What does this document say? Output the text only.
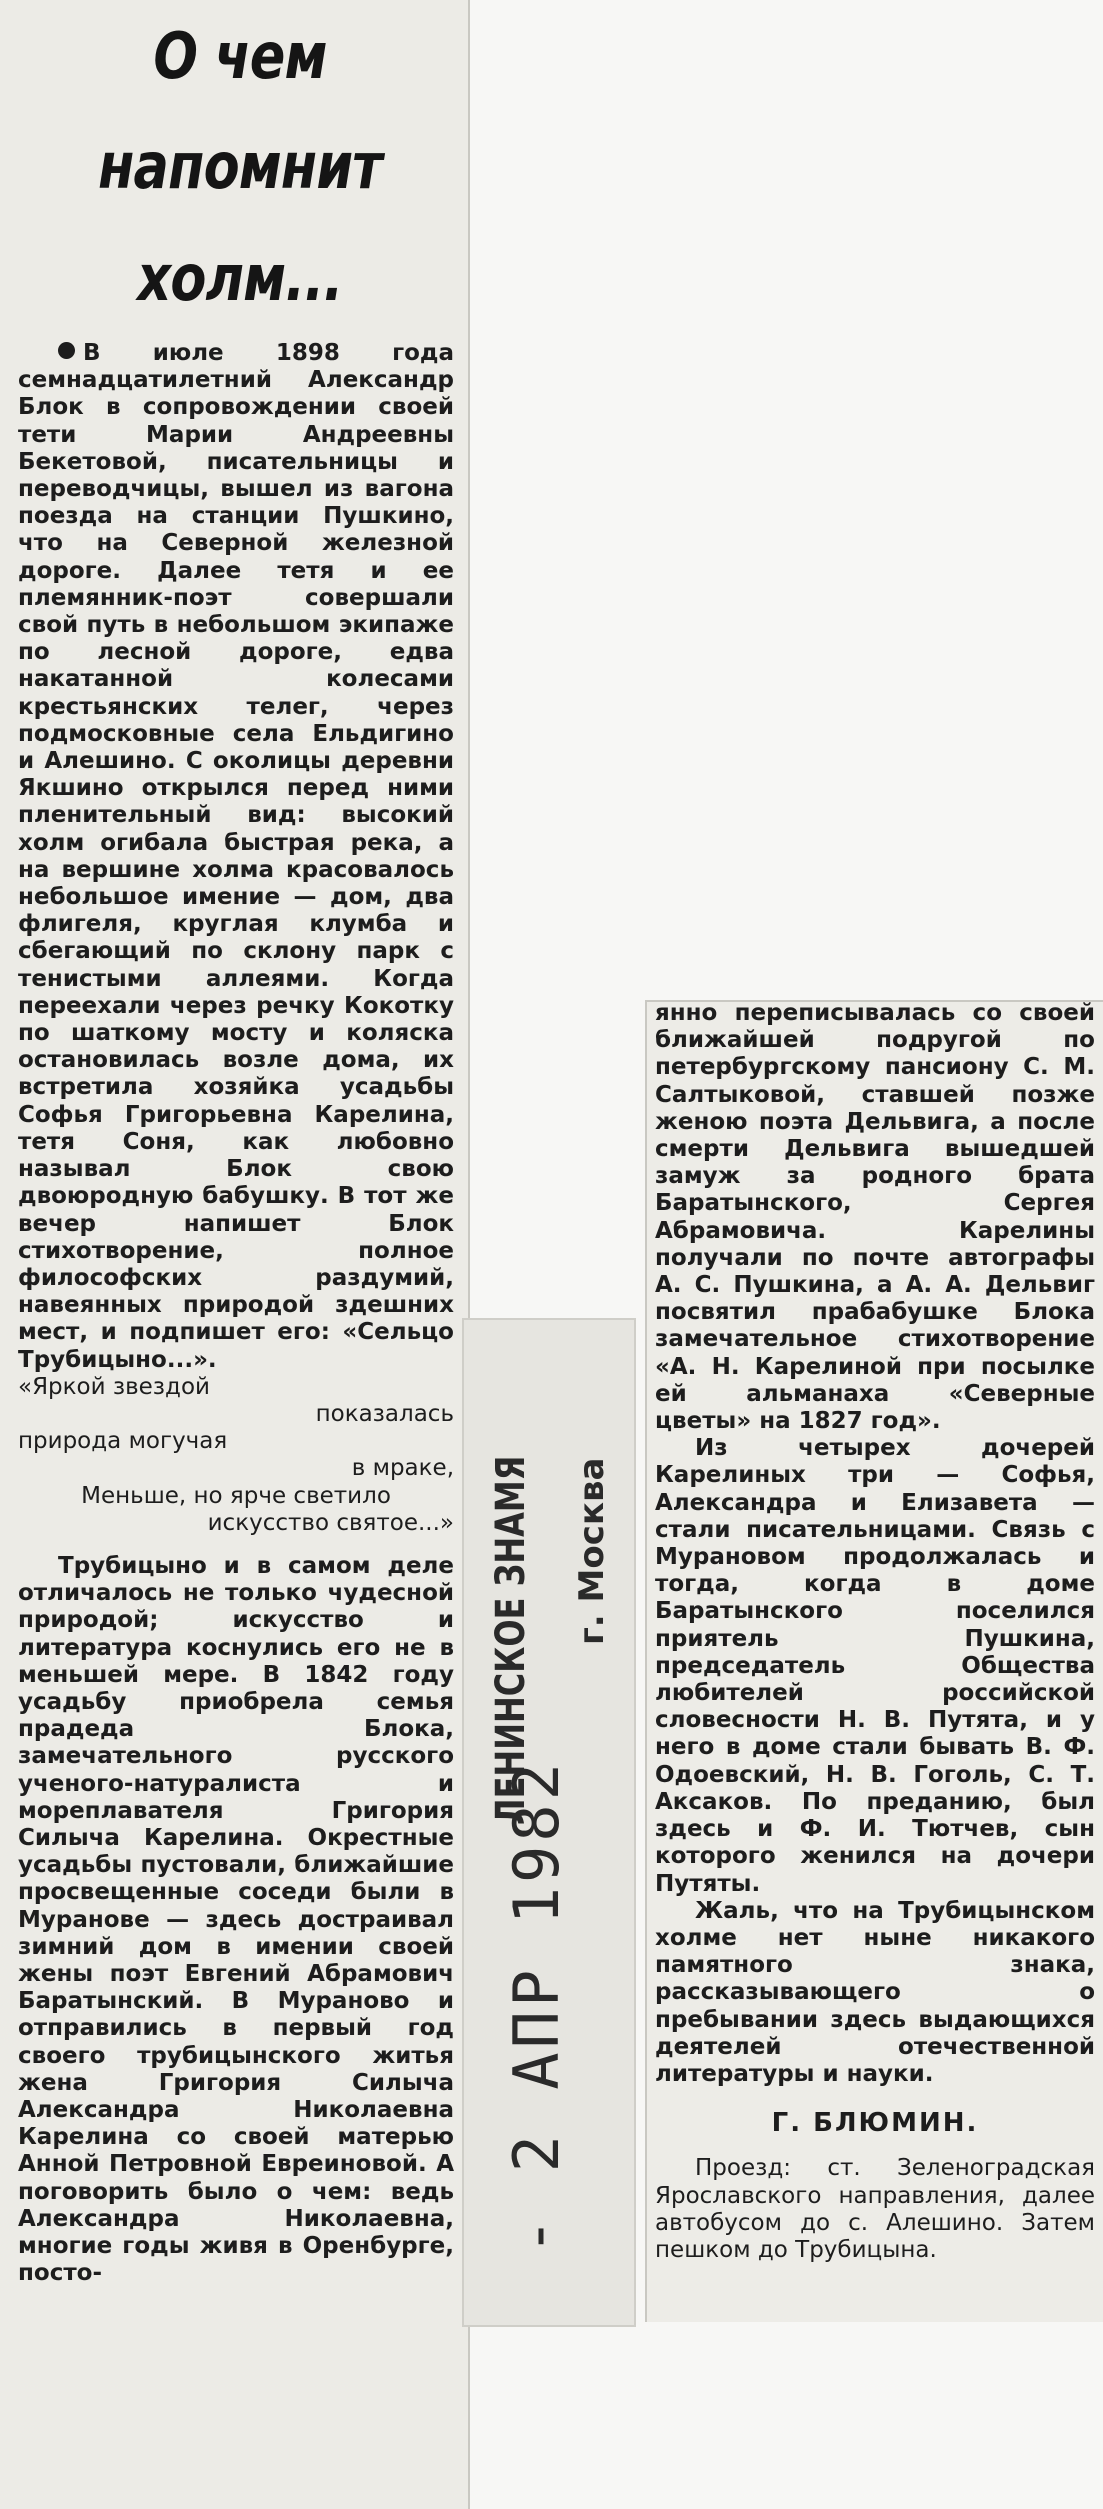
О чем
напомнит
холм...

В июле 1898 года семнадцатилетний Александр Блок в сопровождении своей тети Марии Андреевны Бекетовой, писательницы и переводчицы, вышел из вагона поезда на станции Пушкино, что на Северной железной дороге. Далее тетя и ее племянник-поэт совершали свой путь в небольшом экипаже по лесной дороге, едва накатанной колесами крестьянских телег, через подмосковные села Ельдигино и Алешино. С околицы деревни Якшино открылся перед ними пленительный вид: высокий холм огибала быстрая река, а на вершине холма красовалось небольшое имение — дом, два флигеля, круглая клумба и сбегающий по склону парк с тенистыми аллеями. Когда переехали через речку Кокотку по шаткому мосту и коляска остановилась возле дома, их встретила хозяйка усадьбы Софья Григорьевна Карелина, тетя Соня, как любовно называл Блок свою двоюродную бабушку. В тот же вечер напишет Блок стихотворение, полное философских раздумий, навеянных природой здешних мест, и подпишет его: «Сельцо Трубицыно...».

«Яркой звездой
показалась
природа могучая
в мраке,
Меньше, но ярче светило
искусство святое...»

Трубицыно и в самом деле отличалось не только чудесной природой; искусство и литература коснулись его не в меньшей мере. В 1842 году усадьбу приобрела семья прадеда Блока, замечательного русского ученого-натуралиста и мореплавателя Григория Силыча Карелина. Окрестные усадьбы пустовали, ближайшие просвещенные соседи были в Муранове — здесь достраивал зимний дом в имении своей жены поэт Евгений Абрамович Баратынский. В Мураново и отправились в первый год своего трубицынского житья жена Григория Силыча Александра Николаевна Карелина со своей матерью Анной Петровной Евреиновой. А поговорить было о чем: ведь Александра Николаевна, многие годы живя в Оренбурге, посто-

янно переписывалась со своей ближайшей подругой по петербургскому пансиону С. М. Салтыковой, ставшей позже женою поэта Дельвига, а после смерти Дельвига вышедшей замуж за родного брата Баратынского, Сергея Абрамовича. Карелины получали по почте автографы А. С. Пушкина, а А. А. Дельвиг посвятил прабабушке Блока замечательное стихотворение «А. Н. Карелиной при посылке ей альманаха «Северные цветы» на 1827 год».

Из четырех дочерей Карелиных три — Софья, Александра и Елизавета — стали писательницами. Связь с Мурановом продолжалась и тогда, когда в доме Баратынского поселился приятель Пушкина, председатель Общества любителей российской словесности Н. В. Путята, и у него в доме стали бывать В. Ф. Одоевский, Н. В. Гоголь, С. Т. Аксаков. По преданию, был здесь и Ф. И. Тютчев, сын которого женился на дочери Путяты.

Жаль, что на Трубицынском холме нет ныне никакого памятного знака, рассказывающего о пребывании здесь выдающихся деятелей отечественной литературы и науки.

Г. БЛЮМИН.

Проезд: ст. Зеленоградская Ярославского направления, далее автобусом до с. Алешино. Затем пешком до Трубицына.

- 2 АПР 1982
ЛЕНИНСКОЕ ЗНАМЯ г. Москва
